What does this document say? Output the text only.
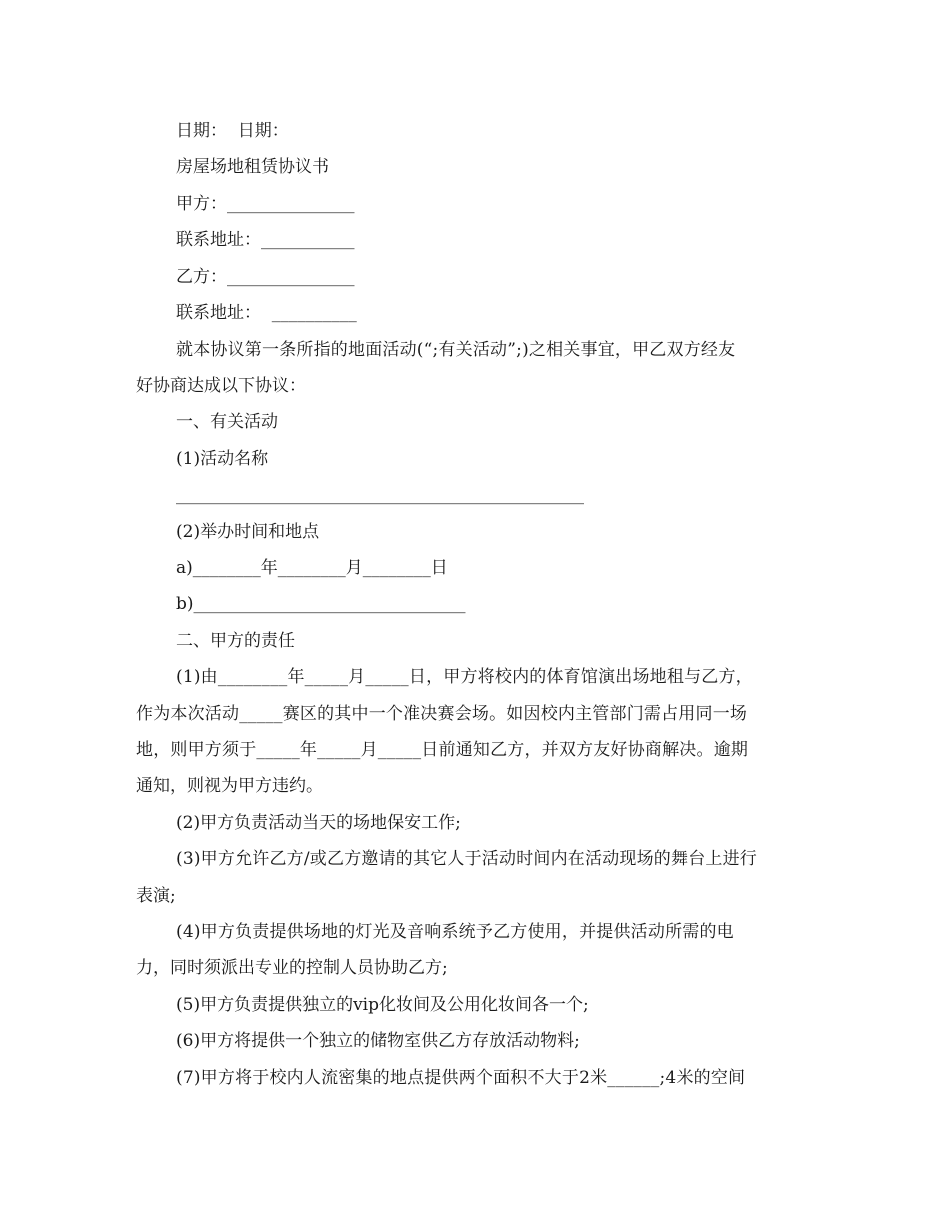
日期：  日期：
房屋场地租赁协议书
甲方：_______________
联系地址：___________
乙方：_______________
联系地址：  __________
就本协议第一条所指的地面活动(“;有关活动”;)之相关事宜，甲乙双方经友
好协商达成以下协议：
一、有关活动
(1)活动名称
________________________________________________
(2)举办时间和地点
a)________年________月________日
b)________________________________
二、甲方的责任
(1)由________年_____月_____日，甲方将校内的体育馆演出场地租与乙方，
作为本次活动_____赛区的其中一个准决赛会场。如因校内主管部门需占用同一场
地，则甲方须于_____年_____月_____日前通知乙方，并双方友好协商解决。逾期
通知，则视为甲方违约。
(2)甲方负责活动当天的场地保安工作;
(3)甲方允许乙方/或乙方邀请的其它人于活动时间内在活动现场的舞台上进行
表演;
(4)甲方负责提供场地的灯光及音响系统予乙方使用，并提供活动所需的电
力，同时须派出专业的控制人员协助乙方;
(5)甲方负责提供独立的vip化妆间及公用化妆间各一个;
(6)甲方将提供一个独立的储物室供乙方存放活动物料;
(7)甲方将于校内人流密集的地点提供两个面积不大于2米______;4米的空间
